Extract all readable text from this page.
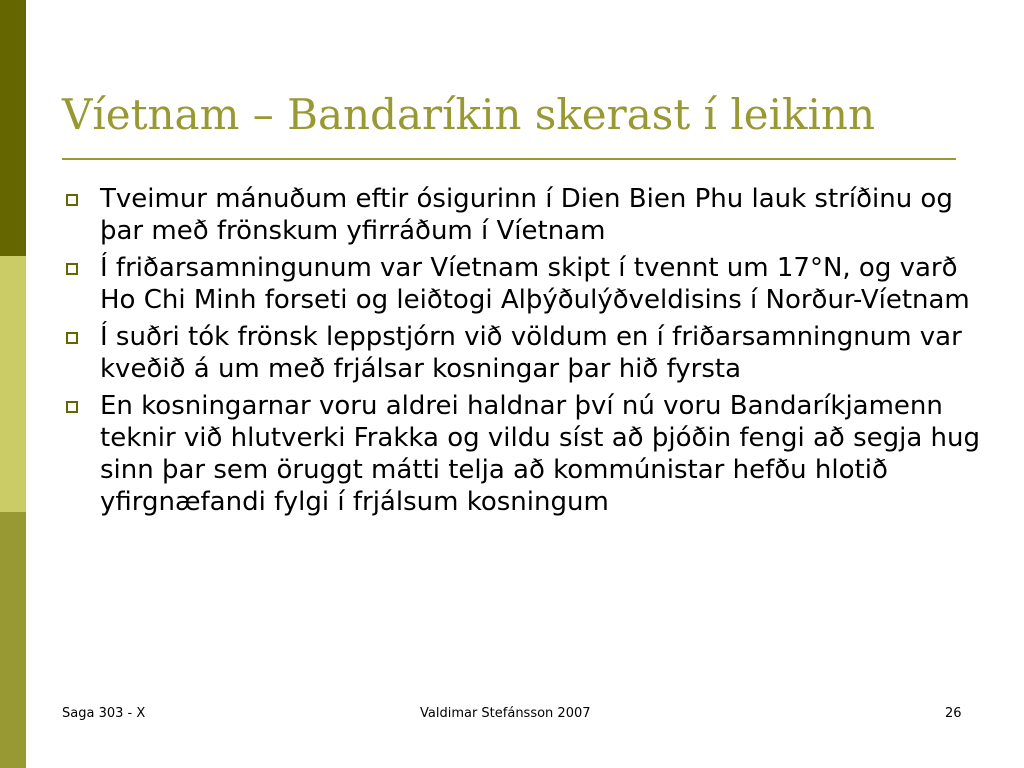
Víetnam – Bandaríkin skerast í leikinn
Tveimur mánuðum eftir ósigurinn í Dien Bien Phu lauk stríðinu og þar með frönskum yfirráðum í Víetnam
Í friðarsamningunum var Víetnam skipt í tvennt um 17°N, og varð Ho Chi Minh forseti og leiðtogi Alþýðulýðveldisins í Norður-Víetnam
Í suðri tók frönsk leppstjórn við völdum en í friðarsamningnum var kveðið á um með frjálsar kosningar þar hið fyrsta
En kosningarnar voru aldrei haldnar því nú voru Bandaríkjamenn teknir við hlutverki Frakka og vildu síst að þjóðin fengi að segja hug sinn þar sem öruggt mátti telja að kommúnistar hefðu hlotið yfirgnæfandi fylgi í frjálsum kosningum
Saga 303 - X	Valdimar Stefánsson 2007	26
